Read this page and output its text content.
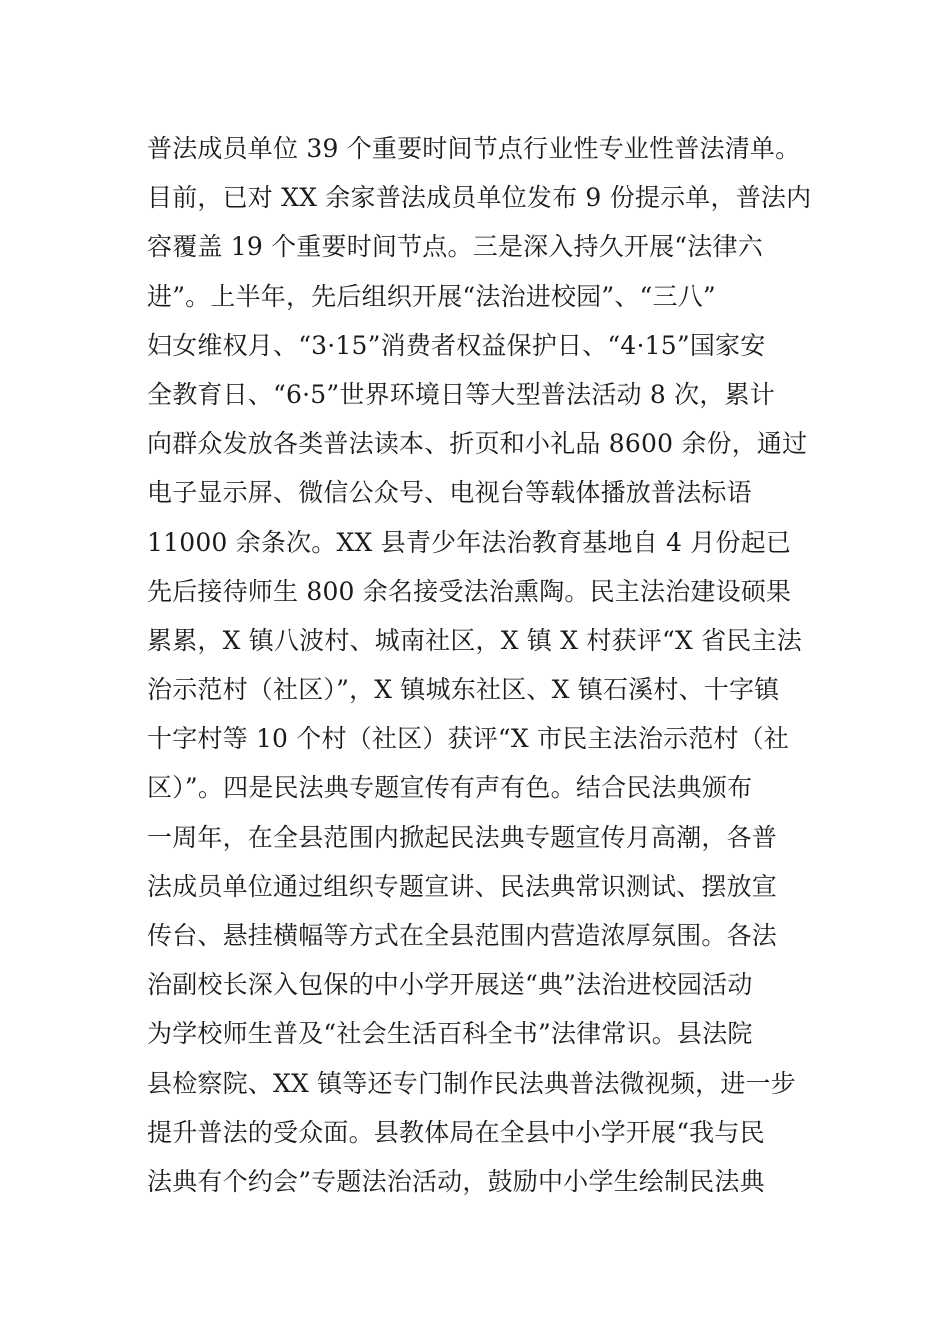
普法成员单位 39 个重要时间节点行业性专业性普法清单。
目前，已对 XX 余家普法成员单位发布 9 份提示单，普法内
容覆盖 19 个重要时间节点。三是深入持久开展“法律六
进”。上半年，先后组织开展“法治进校园”、“三八”
妇女维权月、“3·15”消费者权益保护日、“4·15”国家安
全教育日、“6·5”世界环境日等大型普法活动 8 次，累计
向群众发放各类普法读本、折页和小礼品 8600 余份，通过
电子显示屏、微信公众号、电视台等载体播放普法标语
11000 余条次。XX 县青少年法治教育基地自 4 月份起已
先后接待师生 800 余名接受法治熏陶。民主法治建设硕果
累累，X 镇八波村、城南社区，X 镇 X 村获评“X 省民主法
治示范村（社区）”，X 镇城东社区、X 镇石溪村、十字镇
十字村等 10 个村（社区）获评“X 市民主法治示范村（社
区）”。四是民法典专题宣传有声有色。结合民法典颁布
一周年，在全县范围内掀起民法典专题宣传月高潮，各普
法成员单位通过组织专题宣讲、民法典常识测试、摆放宣
传台、悬挂横幅等方式在全县范围内营造浓厚氛围。各法
治副校长深入包保的中小学开展送“典”法治进校园活动
为学校师生普及“社会生活百科全书”法律常识。县法院
县检察院、XX 镇等还专门制作民法典普法微视频，进一步
提升普法的受众面。县教体局在全县中小学开展“我与民
法典有个约会”专题法治活动，鼓励中小学生绘制民法典
